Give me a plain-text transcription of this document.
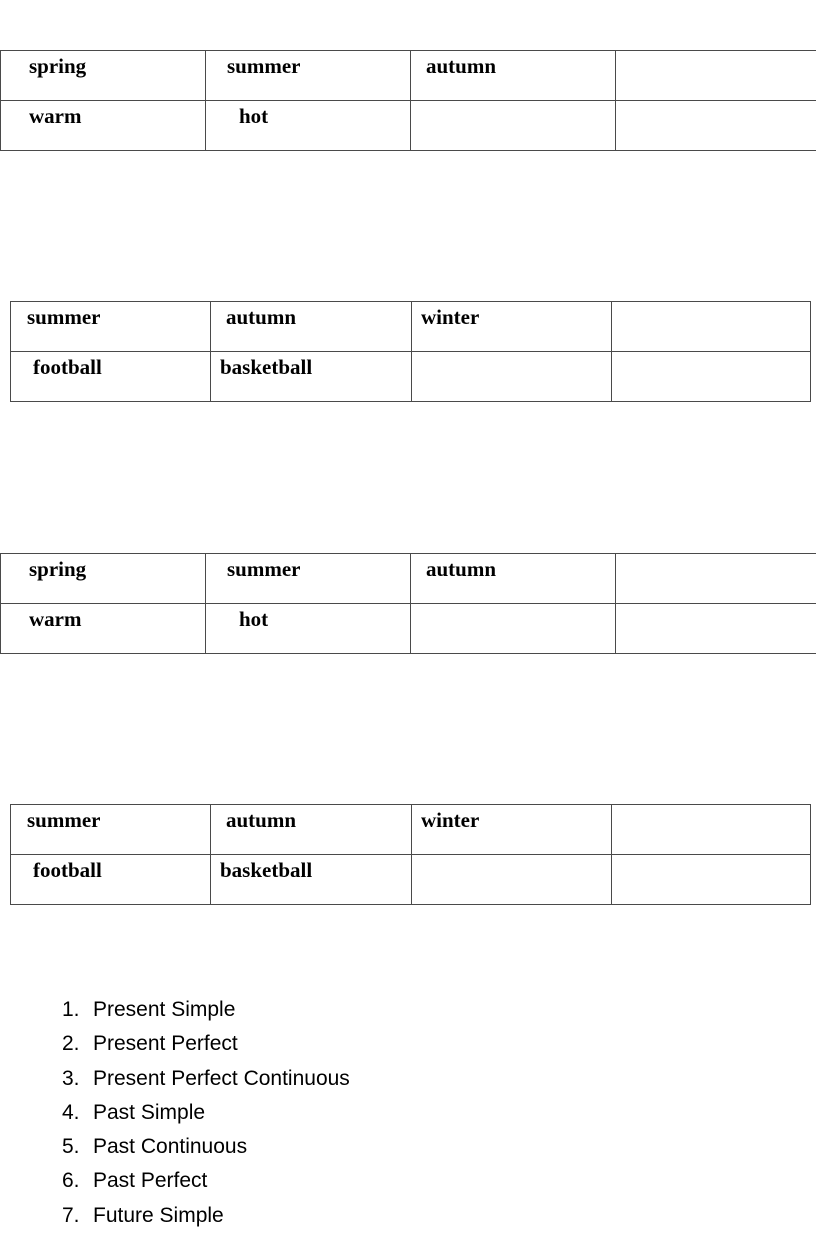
spring	summer	autumn	

warm	hot		

summer	autumn	winter	

football	basketball		

spring	summer	autumn	

warm	hot		

summer	autumn	winter	

football	basketball		

1. Present Simple
2. Present Perfect
3. Present Perfect Continuous
4. Past Simple
5. Past Continuous
6. Past Perfect
7. Future Simple
